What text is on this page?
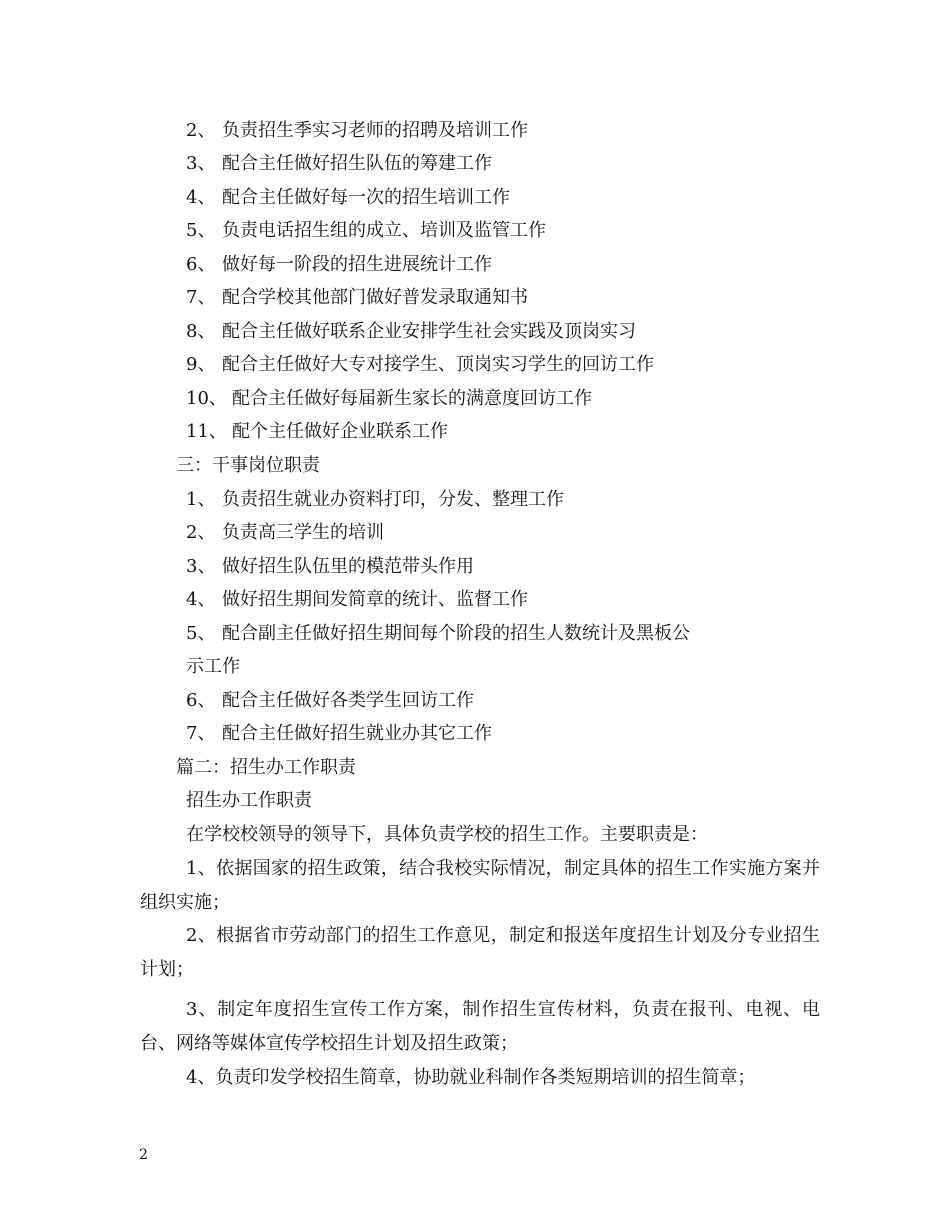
2、 负责招生季实习老师的招聘及培训工作
3、 配合主任做好招生队伍的筹建工作
4、 配合主任做好每一次的招生培训工作
5、 负责电话招生组的成立、培训及监管工作
6、 做好每一阶段的招生进展统计工作
7、 配合学校其他部门做好普发录取通知书
8、 配合主任做好联系企业安排学生社会实践及顶岗实习
9、 配合主任做好大专对接学生、顶岗实习学生的回访工作
10、 配合主任做好每届新生家长的满意度回访工作
11、 配个主任做好企业联系工作
三：干事岗位职责
1、 负责招生就业办资料打印，分发、整理工作
2、 负责高三学生的培训
3、 做好招生队伍里的模范带头作用
4、 做好招生期间发简章的统计、监督工作
5、 配合副主任做好招生期间每个阶段的招生人数统计及黑板公
示工作
6、 配合主任做好各类学生回访工作
7、 配合主任做好招生就业办其它工作
篇二：招生办工作职责
招生办工作职责
在学校校领导的领导下，具体负责学校的招生工作。主要职责是：
1、依据国家的招生政策，结合我校实际情况，制定具体的招生工作实施方案并组织实施；
2、根据省市劳动部门的招生工作意见，制定和报送年度招生计划及分专业招生计划；
3、制定年度招生宣传工作方案，制作招生宣传材料，负责在报刊、电视、电台、网络等媒体宣传学校招生计划及招生政策；
4、负责印发学校招生简章，协助就业科制作各类短期培训的招生简章；
2
